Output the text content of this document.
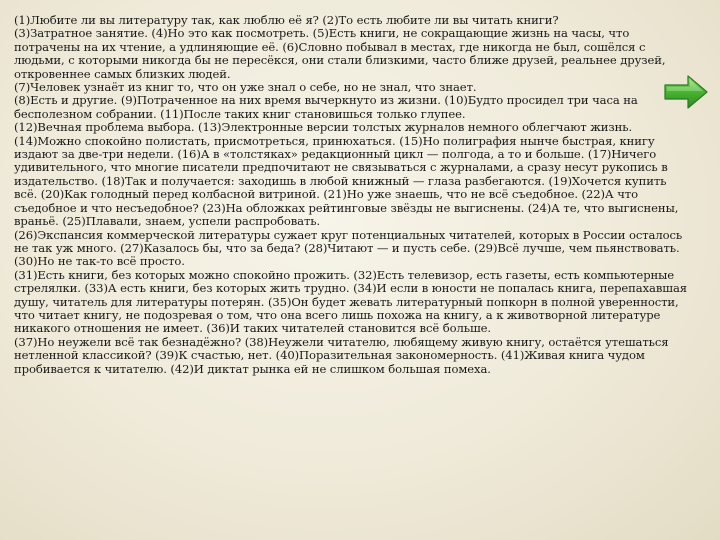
(1)Любите ли вы литературу так, как люблю её я? (2)То есть любите ли вы читать книги?

(3)Затратное занятие. (4)Но это как посмотреть. (5)Есть книги, не сокращающие жизнь на часы, что потрачены на их чтение, а удлиняющие её. (6)Словно побывал в местах, где никогда не был, сошёлся с людьми, с которыми никогда бы не пересёкся, они стали близкими, часто ближе друзей, реальнее друзей, откровеннее самых близких людей.

(7)Человек узнаёт из книг то, что он уже знал о себе, но не знал, что знает.

(8)Есть и другие. (9)Потраченное на них время вычеркнуто из жизни. (10)Будто просидел три часа на бесполезном собрании. (11)После таких книг становишься только глупее.

(12)Вечная проблема выбора. (13)Электронные версии толстых журналов немного облегчают жизнь. (14)Можно спокойно полистать, присмотреться, принюхаться. (15)Но полиграфия нынче быстрая, книгу издают за две-три недели. (16)А в «толстяках» редакционный цикл — полгода, а то и больше. (17)Ничего удивительного, что многие писатели предпочитают не связываться с журналами, а сразу несут рукопись в издательство. (18)Так и получается: заходишь в любой книжный — глаза разбегаются. (19)Хочется купить всё. (20)Как голодный перед колбасной витриной. (21)Но уже знаешь, что не всё съедобное. (22)А что съедобное и что несъедобное? (23)На обложках рейтинговые звёзды не выгиснены. (24)А те, что выгиснены, враньё. (25)Плавали, знаем, успели распробовать.

(26)Экспансия коммерческой литературы сужает круг потенциальных читателей, которых в России осталось не так уж много. (27)Казалось бы, что за беда? (28)Читают — и пусть себе. (29)Всё лучше, чем пьянствовать. (30)Но не так-то всё просто.

(31)Есть книги, без которых можно спокойно прожить. (32)Есть телевизор, есть газеты, есть компьютерные стрелялки. (33)А есть книги, без которых жить трудно. (34)И если в юности не попалась книга, перепахавшая душу, читатель для литературы потерян. (35)Он будет жевать литературный попкорн в полной уверенности, что читает книгу, не подозревая о том, что она всего лишь похожа на книгу, а к животворной литературе никакого отношения не имеет. (36)И таких читателей становится всё больше.

(37)Но неужели всё так безнадёжно? (38)Неужели читателю, любящему живую книгу, остаётся утешаться нетленной классикой? (39)К счастью, нет. (40)Поразительная закономерность. (41)Живая книга чудом пробивается к читателю. (42)И диктат рынка ей не слишком большая помеха.
